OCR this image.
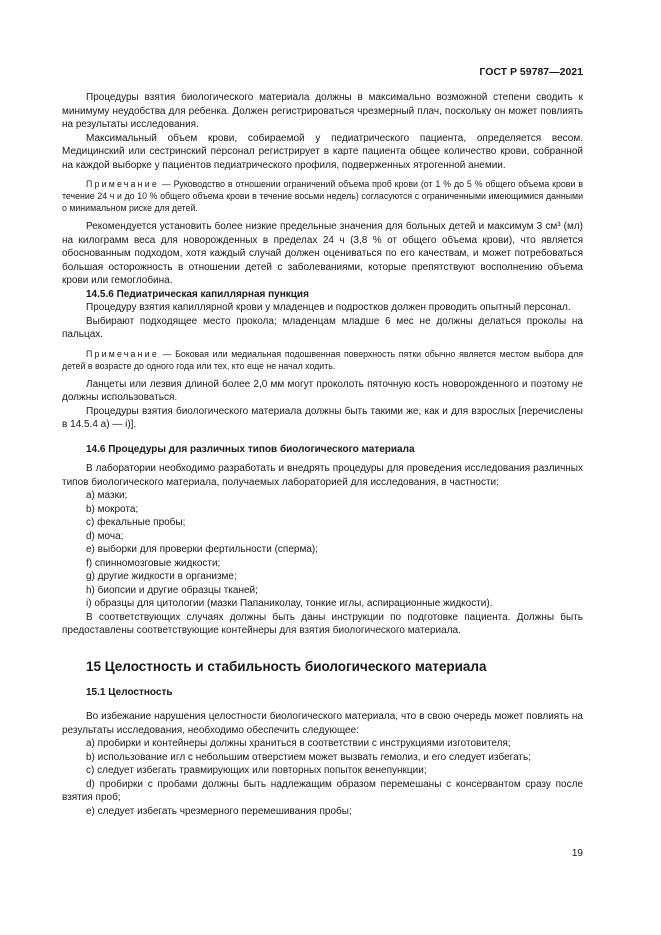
ГОСТ Р 59787—2021

Процедуры взятия биологического материала должны в максимально возможной степени сводить к минимуму неудобства для ребенка. Должен регистрироваться чрезмерный плач, поскольку он может повлиять на результаты исследования.

Максимальный объем крови, собираемой у педиатрического пациента, определяется весом. Медицинский или сестринский персонал регистрирует в карте пациента общее количество крови, собранной на каждой выборке у пациентов педиатрического профиля, подверженных ятрогенной анемии.

Примечание — Руководство в отношении ограничений объема проб крови (от 1 % до 5 % общего объема крови в течение 24 ч и до 10 % общего объема крови в течение восьми недель) согласуются с ограниченными имеющимися данными о минимальном риске для детей.

Рекомендуется установить более низкие предельные значения для больных детей и максимум 3 см³ (мл) на килограмм веса для новорожденных в пределах 24 ч (3,8 % от общего объема крови), что является обоснованным подходом, хотя каждый случай должен оцениваться по его качествам, и может потребоваться большая осторожность в отношении детей с заболеваниями, которые препятствуют восполнению объема крови или гемоглобина.

14.5.6 Педиатрическая капиллярная пункция

Процедуру взятия капиллярной крови у младенцев и подростков должен проводить опытный персонал.

Выбирают подходящее место прокола; младенцам младше 6 мес не должны делаться проколы на пальцах.

Примечание — Боковая или медиальная подошвенная поверхность пятки обычно является местом выбора для детей в возрасте до одного года или тех, кто еще не начал ходить.

Ланцеты или лезвия длиной более 2,0 мм могут проколоть пяточную кость новорожденного и поэтому не должны использоваться.

Процедуры взятия биологического материала должны быть такими же, как и для взрослых [перечислены в 14.5.4 а) — i)].

14.6 Процедуры для различных типов биологического материала

В лаборатории необходимо разработать и внедрять процедуры для проведения исследования различных типов биологического материала, получаемых лабораторией для исследования, в частности:

a) мазки;

b) мокрота;

c) фекальные пробы;

d) моча;

e) выборки для проверки фертильности (сперма);

f) спинномозговые жидкости;

g) другие жидкости в организме;

h) биопсии и другие образцы тканей;

i) образцы для цитологии (мазки Папаниколау, тонкие иглы, аспирационные жидкости).

В соответствующих случаях должны быть даны инструкции по подготовке пациента. Должны быть предоставлены соответствующие контейнеры для взятия биологического материала.

15 Целостность и стабильность биологического материала

15.1 Целостность

Во избежание нарушения целостности биологического материала, что в свою очередь может повлиять на результаты исследования, необходимо обеспечить следующее:

a) пробирки и контейнеры должны храниться в соответствии с инструкциями изготовителя;

b) использование игл с небольшим отверстием может вызвать гемолиз, и его следует избегать;

c) следует избегать травмирующих или повторных попыток венепункции;

d) пробирки с пробами должны быть надлежащим образом перемешаны с консервантом сразу после взятия проб;

e) следует избегать чрезмерного перемешивания пробы;

19
